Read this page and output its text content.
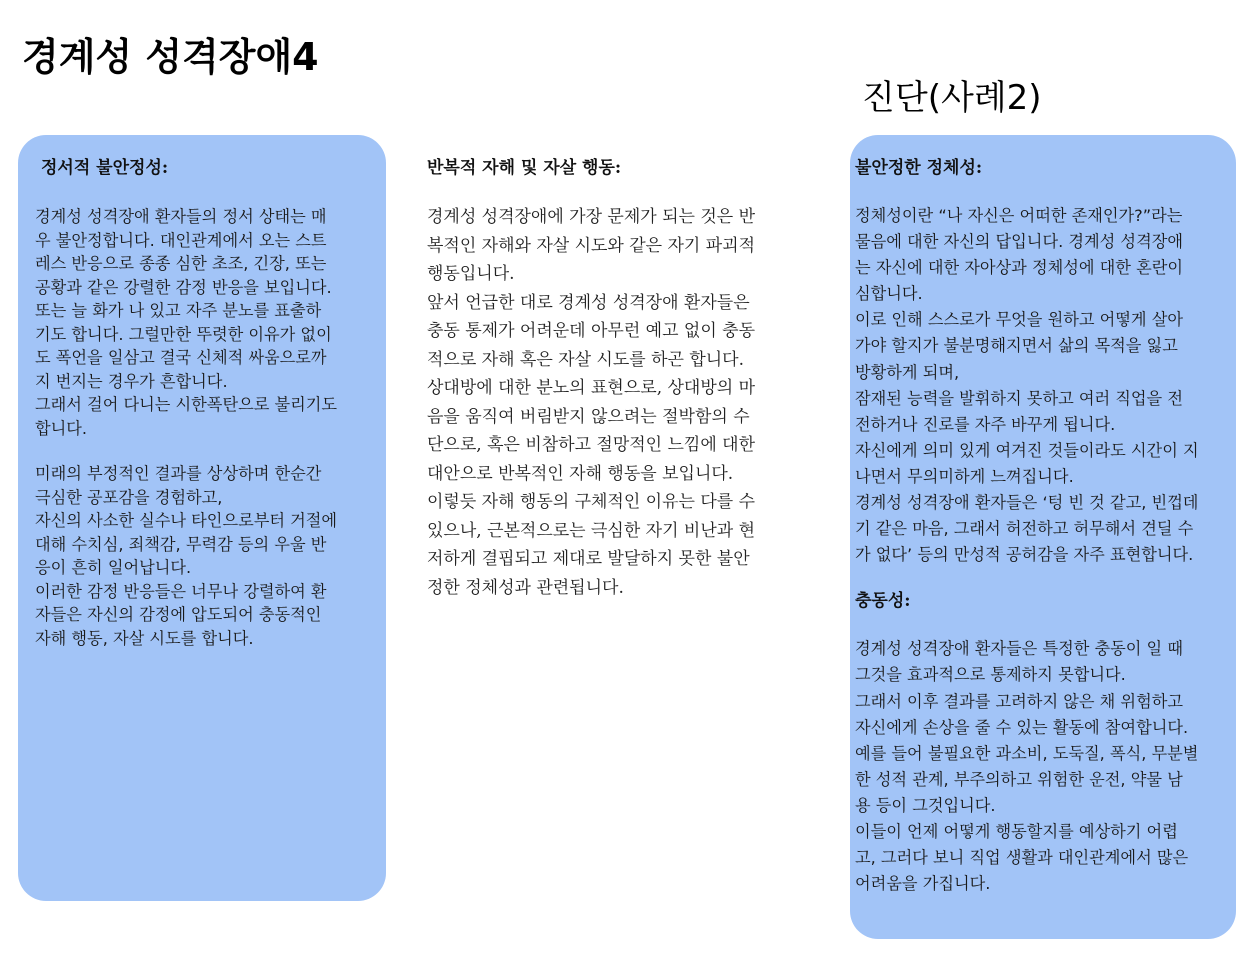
경계성 성격장애4
진단(사례2)
정서적 불안정성:

경계성 성격장애 환자들의 정서 상태는 매
우 불안정합니다. 대인관계에서 오는 스트
레스 반응으로 종종 심한 초조, 긴장, 또는
공황과 같은 강렬한 감정 반응을 보입니다.
또는 늘 화가 나 있고 자주 분노를 표출하
기도 합니다. 그럴만한 뚜렷한 이유가 없이
도 폭언을 일삼고 결국 신체적 싸움으로까
지 번지는 경우가 흔합니다.
그래서 걸어 다니는 시한폭탄으로 불리기도
합니다.

미래의 부정적인 결과를 상상하며 한순간
극심한 공포감을 경험하고,
자신의 사소한 실수나 타인으로부터 거절에
대해 수치심, 죄책감, 무력감 등의 우울 반
응이 흔히 일어납니다.
이러한 감정 반응들은 너무나 강렬하여 환
자들은 자신의 감정에 압도되어 충동적인
자해 행동, 자살 시도를 합니다.

반복적 자해 및 자살 행동:

경계성 성격장애에 가장 문제가 되는 것은 반
복적인 자해와 자살 시도와 같은 자기 파괴적
행동입니다.
앞서 언급한 대로 경계성 성격장애 환자들은
충동 통제가 어려운데 아무런 예고 없이 충동
적으로 자해 혹은 자살 시도를 하곤 합니다.
상대방에 대한 분노의 표현으로, 상대방의 마
음을 움직여 버림받지 않으려는 절박함의 수
단으로, 혹은 비참하고 절망적인 느낌에 대한
대안으로 반복적인 자해 행동을 보입니다.
이렇듯 자해 행동의 구체적인 이유는 다를 수
있으나, 근본적으로는 극심한 자기 비난과 현
저하게 결핍되고 제대로 발달하지 못한 불안
정한 정체성과 관련됩니다.

불안정한 정체성:

정체성이란 “나 자신은 어떠한 존재인가?”라는
물음에 대한 자신의 답입니다. 경계성 성격장애
는 자신에 대한 자아상과 정체성에 대한 혼란이
심합니다.
이로 인해 스스로가 무엇을 원하고 어떻게 살아
가야 할지가 불분명해지면서 삶의 목적을 잃고
방황하게 되며,
잠재된 능력을 발휘하지 못하고 여러 직업을 전
전하거나 진로를 자주 바꾸게 됩니다.
자신에게 의미 있게 여겨진 것들이라도 시간이 지
나면서 무의미하게 느껴집니다.
경계성 성격장애 환자들은 ‘텅 빈 것 같고, 빈껍데
기 같은 마음, 그래서 허전하고 허무해서 견딜 수
가 없다’ 등의 만성적 공허감을 자주 표현합니다.

충동성:

경계성 성격장애 환자들은 특정한 충동이 일 때
그것을 효과적으로 통제하지 못합니다.
그래서 이후 결과를 고려하지 않은 채 위험하고
자신에게 손상을 줄 수 있는 활동에 참여합니다.
예를 들어 불필요한 과소비, 도둑질, 폭식, 무분별
한 성적 관계, 부주의하고 위험한 운전, 약물 남
용 등이 그것입니다.
이들이 언제 어떻게 행동할지를 예상하기 어렵
고, 그러다 보니 직업 생활과 대인관계에서 많은
어려움을 가집니다.
